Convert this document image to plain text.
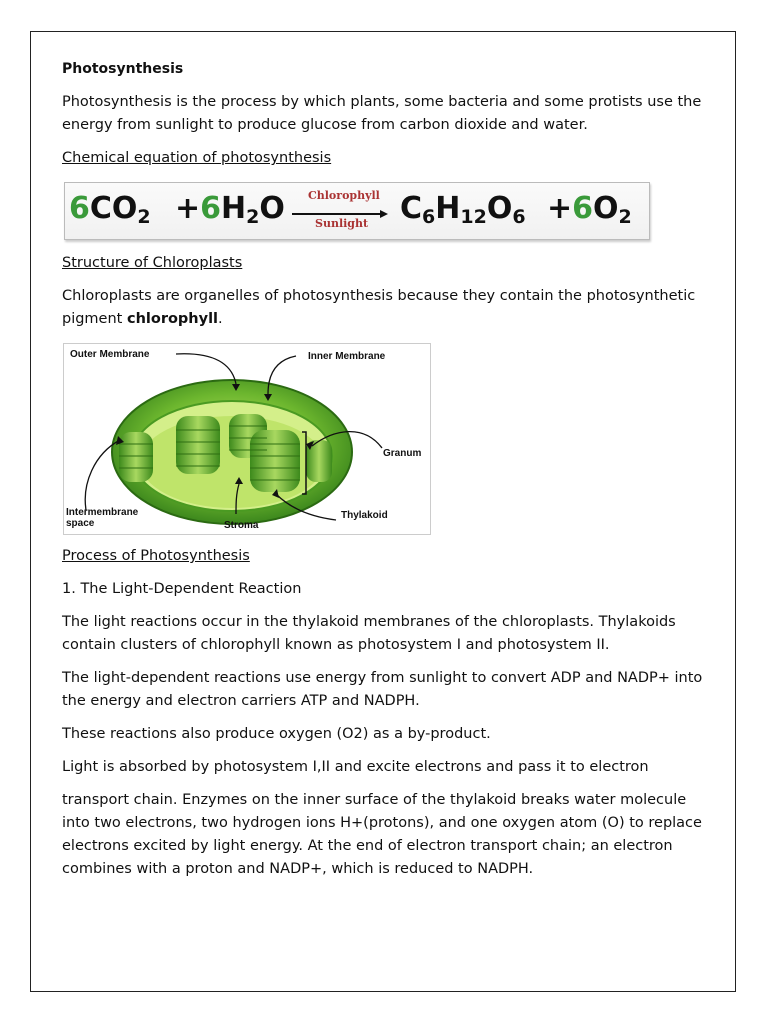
Photosynthesis

Photosynthesis is the process by which plants, some bacteria and some protists use the energy from sunlight to produce glucose from carbon dioxide and water.

Chemical equation of photosynthesis

6CO2 +6H2O Chlorophyll
Sunlight C6H12O6 +6O2

Structure of Chloroplasts

Chloroplasts are organelles of photosynthesis because they contain the photosynthetic pigment chlorophyll.

Outer Membrane	Inner Membrane
Granum
Intermembrane
space	Stroma
Thylakoid

Process of Photosynthesis

1. The Light-Dependent Reaction

The light reactions occur in the thylakoid membranes of the chloroplasts. Thylakoids contain clusters of chlorophyll known as photosystem I and photosystem II.

The light-dependent reactions use energy from sunlight to convert ADP and NADP+ into the energy and electron carriers ATP and NADPH.

These reactions also produce oxygen (O2) as a by-product.

Light is absorbed by photosystem I,II and excite electrons and pass it to electron

transport chain. Enzymes on the inner surface of the thylakoid breaks water molecule into two electrons, two hydrogen ions H+(protons), and one oxygen atom (O) to replace electrons excited by light energy. At the end of electron transport chain; an electron combines with a proton and NADP+, which is reduced to NADPH.
